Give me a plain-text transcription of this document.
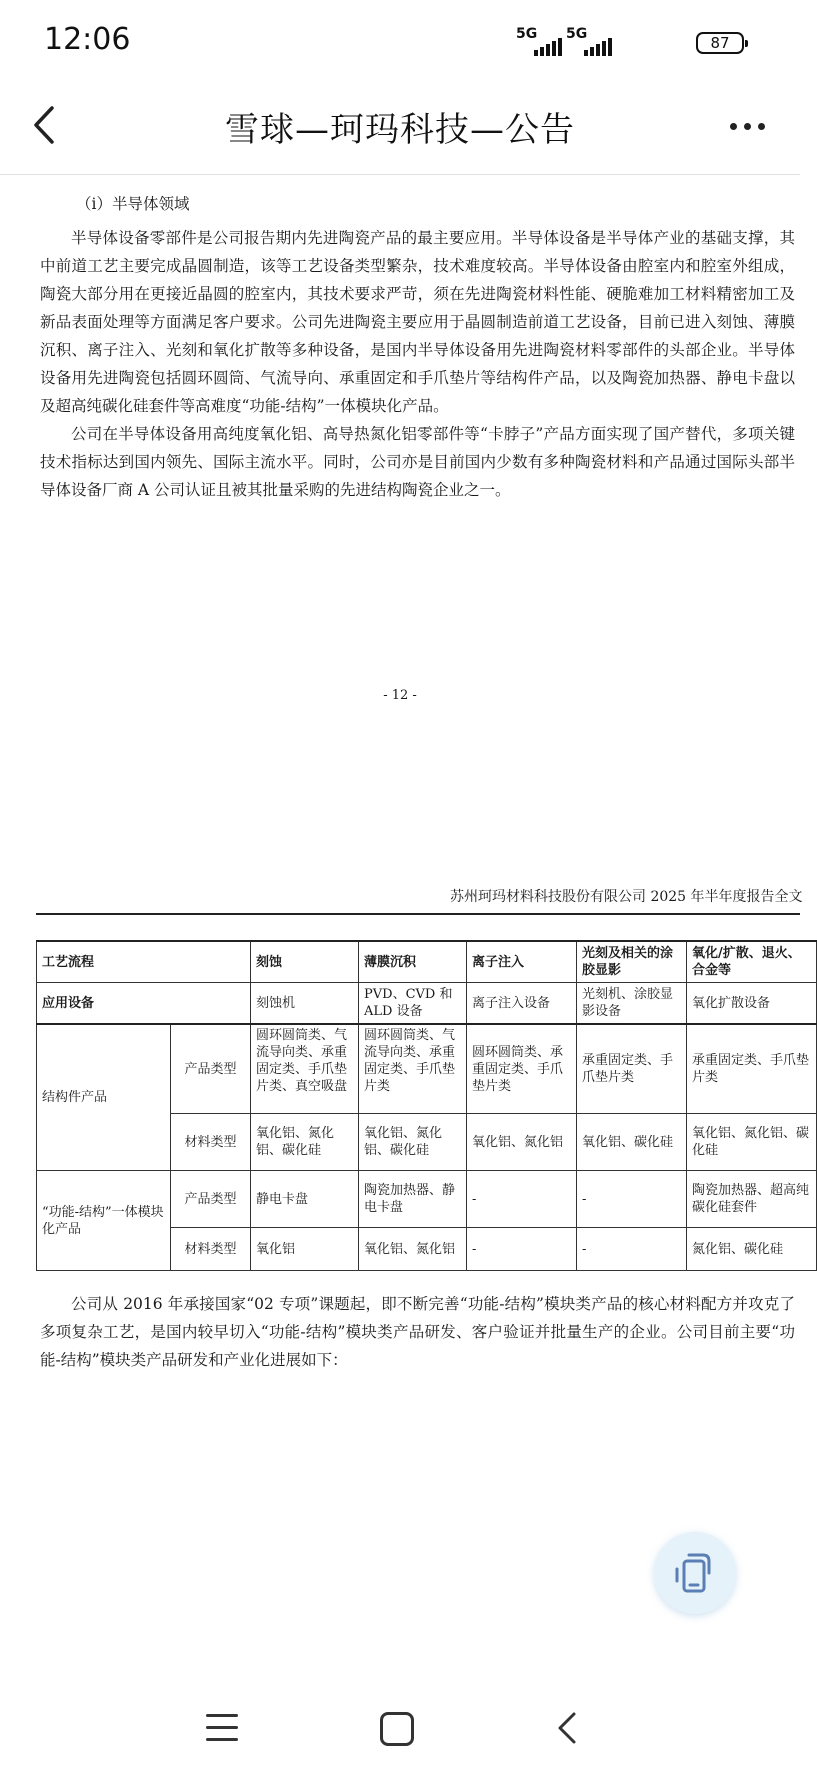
12:06	5G 5G	87
雪球—珂玛科技—公告
（i）半导体领域

半导体设备零部件是公司报告期内先进陶瓷产品的最主要应用。半导体设备是半导体产业的基础支撑，其中前道工艺主要完成晶圆制造，该等工艺设备类型繁杂，技术难度较高。半导体设备由腔室内和腔室外组成，陶瓷大部分用在更接近晶圆的腔室内，其技术要求严苛，须在先进陶瓷材料性能、硬脆难加工材料精密加工及新品表面处理等方面满足客户要求。公司先进陶瓷主要应用于晶圆制造前道工艺设备，目前已进入刻蚀、薄膜沉积、离子注入、光刻和氧化扩散等多种设备，是国内半导体设备用先进陶瓷材料零部件的头部企业。半导体设备用先进陶瓷包括圆环圆筒、气流导向、承重固定和手爪垫片等结构件产品，以及陶瓷加热器、静电卡盘以及超高纯碳化硅套件等高难度“功能-结构”一体模块化产品。

公司在半导体设备用高纯度氧化铝、高导热氮化铝零部件等“卡脖子”产品方面实现了国产替代，多项关键技术指标达到国内领先、国际主流水平。同时，公司亦是目前国内少数有多种陶瓷材料和产品通过国际头部半导体设备厂商 A 公司认证且被其批量采购的先进结构陶瓷企业之一。

- 12 -
苏州珂玛材料科技股份有限公司 2025 年半年度报告全文
工艺流程		刻蚀	薄膜沉积	离子注入	光刻及相关的涂胶显影	氧化/扩散、退火、合金等
应用设备		刻蚀机	PVD、CVD 和 ALD 设备	离子注入设备	光刻机、涂胶显影设备	氧化扩散设备
结构件产品	产品类型	圆环圆筒类、气流导向类、承重固定类、手爪垫片类、真空吸盘	圆环圆筒类、气流导向类、承重固定类、手爪垫片类	圆环圆筒类、承重固定类、手爪垫片类	承重固定类、手爪垫片类	承重固定类、手爪垫片类
	材料类型	氧化铝、氮化铝、碳化硅	氧化铝、氮化铝、碳化硅	氧化铝、氮化铝	氧化铝、碳化硅	氧化铝、氮化铝、碳化硅
“功能-结构”一体模块化产品	产品类型	静电卡盘	陶瓷加热器、静电卡盘	-	-	陶瓷加热器、超高纯碳化硅套件
	材料类型	氧化铝	氧化铝、氮化铝	-	-	氮化铝、碳化硅

公司从 2016 年承接国家“02 专项”课题起，即不断完善“功能-结构”模块类产品的核心材料配方并攻克了多项复杂工艺，是国内较早切入“功能-结构”模块类产品研发、客户验证并批量生产的企业。公司目前主要“功能-结构”模块类产品研发和产业化进展如下：
